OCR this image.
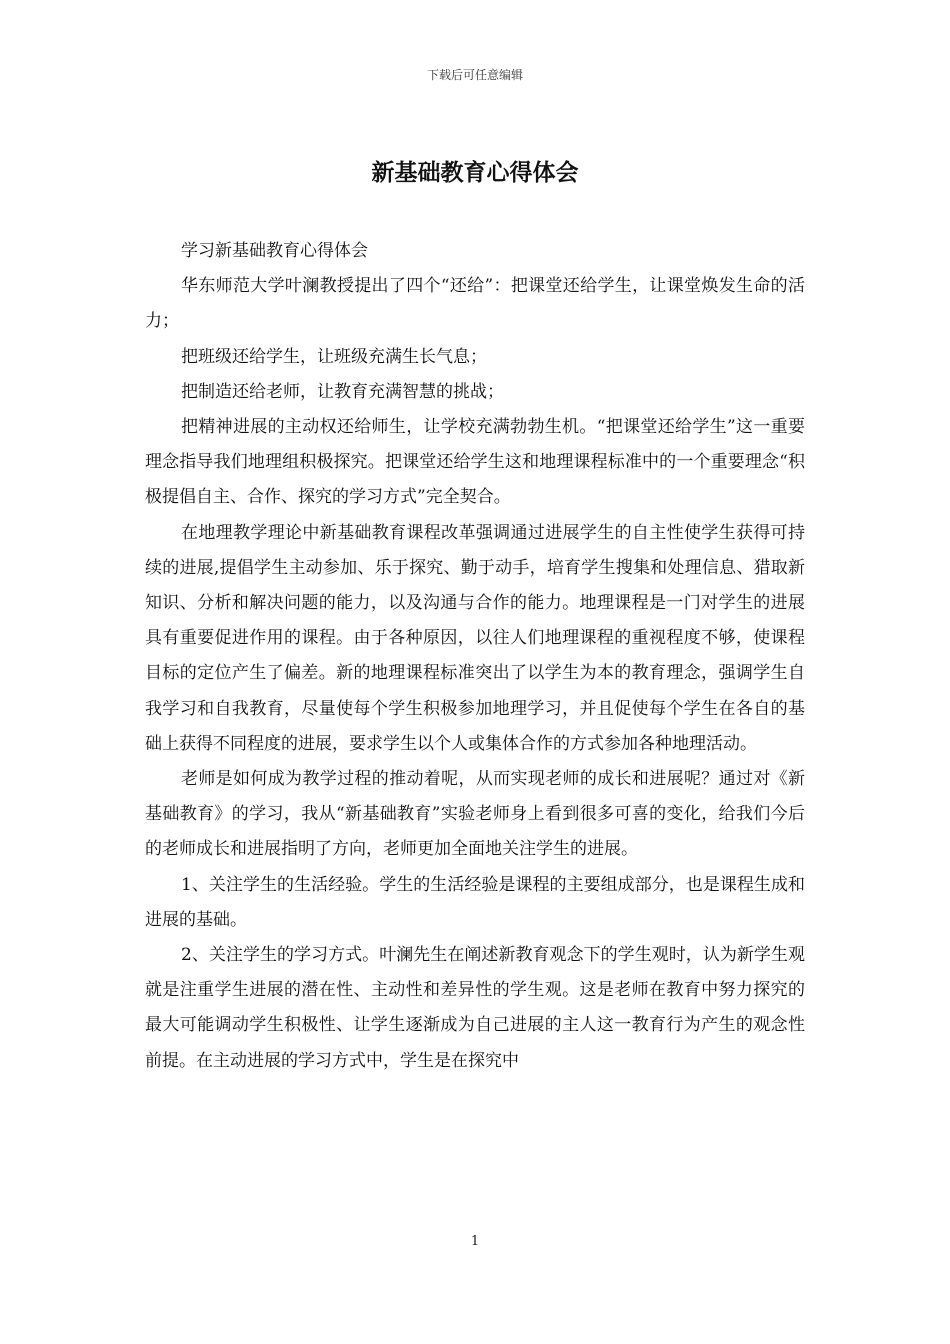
下载后可任意编辑
新基础教育心得体会

学习新基础教育心得体会

华东师范大学叶澜教授提出了四个“还给”：把课堂还给学生，让课堂焕发生命的活力；

把班级还给学生，让班级充满生长气息；

把制造还给老师，让教育充满智慧的挑战；

把精神进展的主动权还给师生，让学校充满勃勃生机。“把课堂还给学生”这一重要理念指导我们地理组积极探究。把课堂还给学生这和地理课程标准中的一个重要理念“积极提倡自主、合作、探究的学习方式”完全契合。

在地理教学理论中新基础教育课程改革强调通过进展学生的自主性使学生获得可持续的进展,提倡学生主动参加、乐于探究、勤于动手，培育学生搜集和处理信息、猎取新知识、分析和解决问题的能力，以及沟通与合作的能力。地理课程是一门对学生的进展具有重要促进作用的课程。由于各种原因，以往人们地理课程的重视程度不够，使课程目标的定位产生了偏差。新的地理课程标准突出了以学生为本的教育理念，强调学生自我学习和自我教育，尽量使每个学生积极参加地理学习，并且促使每个学生在各自的基础上获得不同程度的进展，要求学生以个人或集体合作的方式参加各种地理活动。

老师是如何成为教学过程的推动着呢，从而实现老师的成长和进展呢？通过对《新基础教育》的学习，我从“新基础教育”实验老师身上看到很多可喜的变化，给我们今后的老师成长和进展指明了方向，老师更加全面地关注学生的进展。

1、关注学生的生活经验。学生的生活经验是课程的主要组成部分，也是课程生成和进展的基础。

2、关注学生的学习方式。叶澜先生在阐述新教育观念下的学生观时，认为新学生观就是注重学生进展的潜在性、主动性和差异性的学生观。这是老师在教育中努力探究的最大可能调动学生积极性、让学生逐渐成为自己进展的主人这一教育行为产生的观念性前提。在主动进展的学习方式中，学生是在探究中

1
